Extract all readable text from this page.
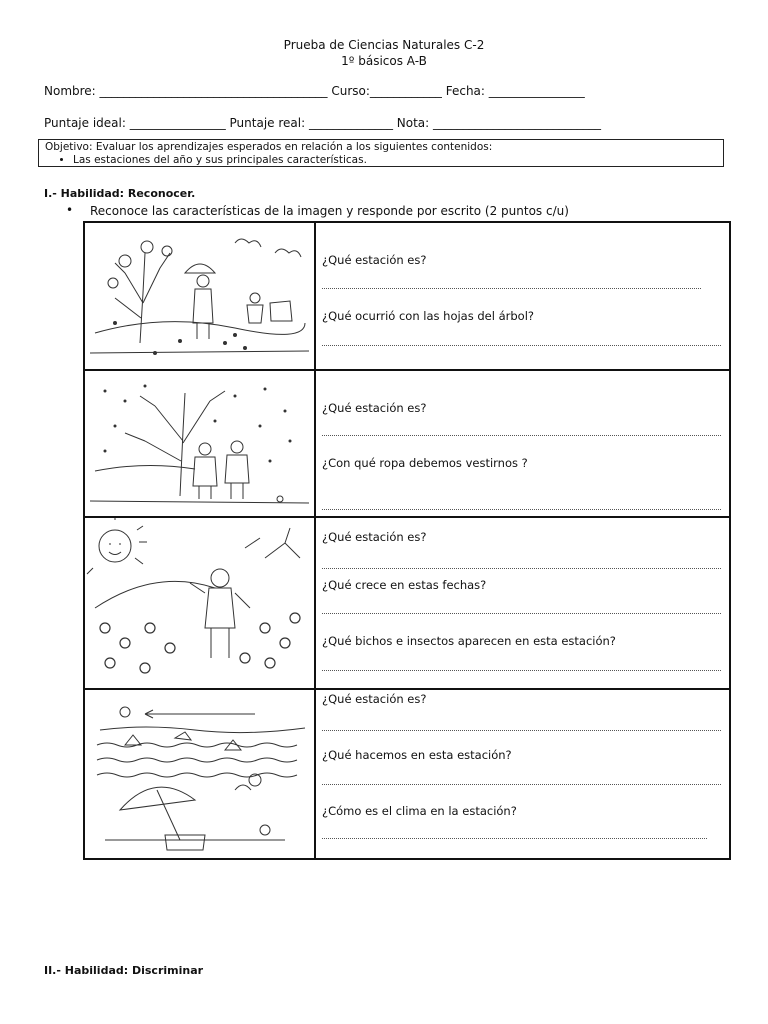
Prueba de Ciencias Naturales C-2
1º básicos A-B
Nombre: ______________________________________ Curso:____________ Fecha: ________________
Puntaje ideal: ________________ Puntaje real: ______________ Nota: ____________________________
Objetivo: Evaluar los aprendizajes esperados en relación a los siguientes contenidos:
• Las estaciones del año y sus principales características.
I.- Habilidad: Reconocer.
• Reconoce las características de la imagen y responde por escrito (2 puntos c/u)

¿Qué estación es?
¿Qué ocurrió con las hojas del árbol?

¿Qué estación es?
¿Con qué ropa debemos vestirnos ?

¿Qué estación es?
¿Qué crece en estas fechas?
¿Qué bichos e insectos aparecen en esta estación?

¿Qué estación es?
¿Qué hacemos en esta estación?
¿Cómo es el clima en la estación?
II.- Habilidad: Discriminar
